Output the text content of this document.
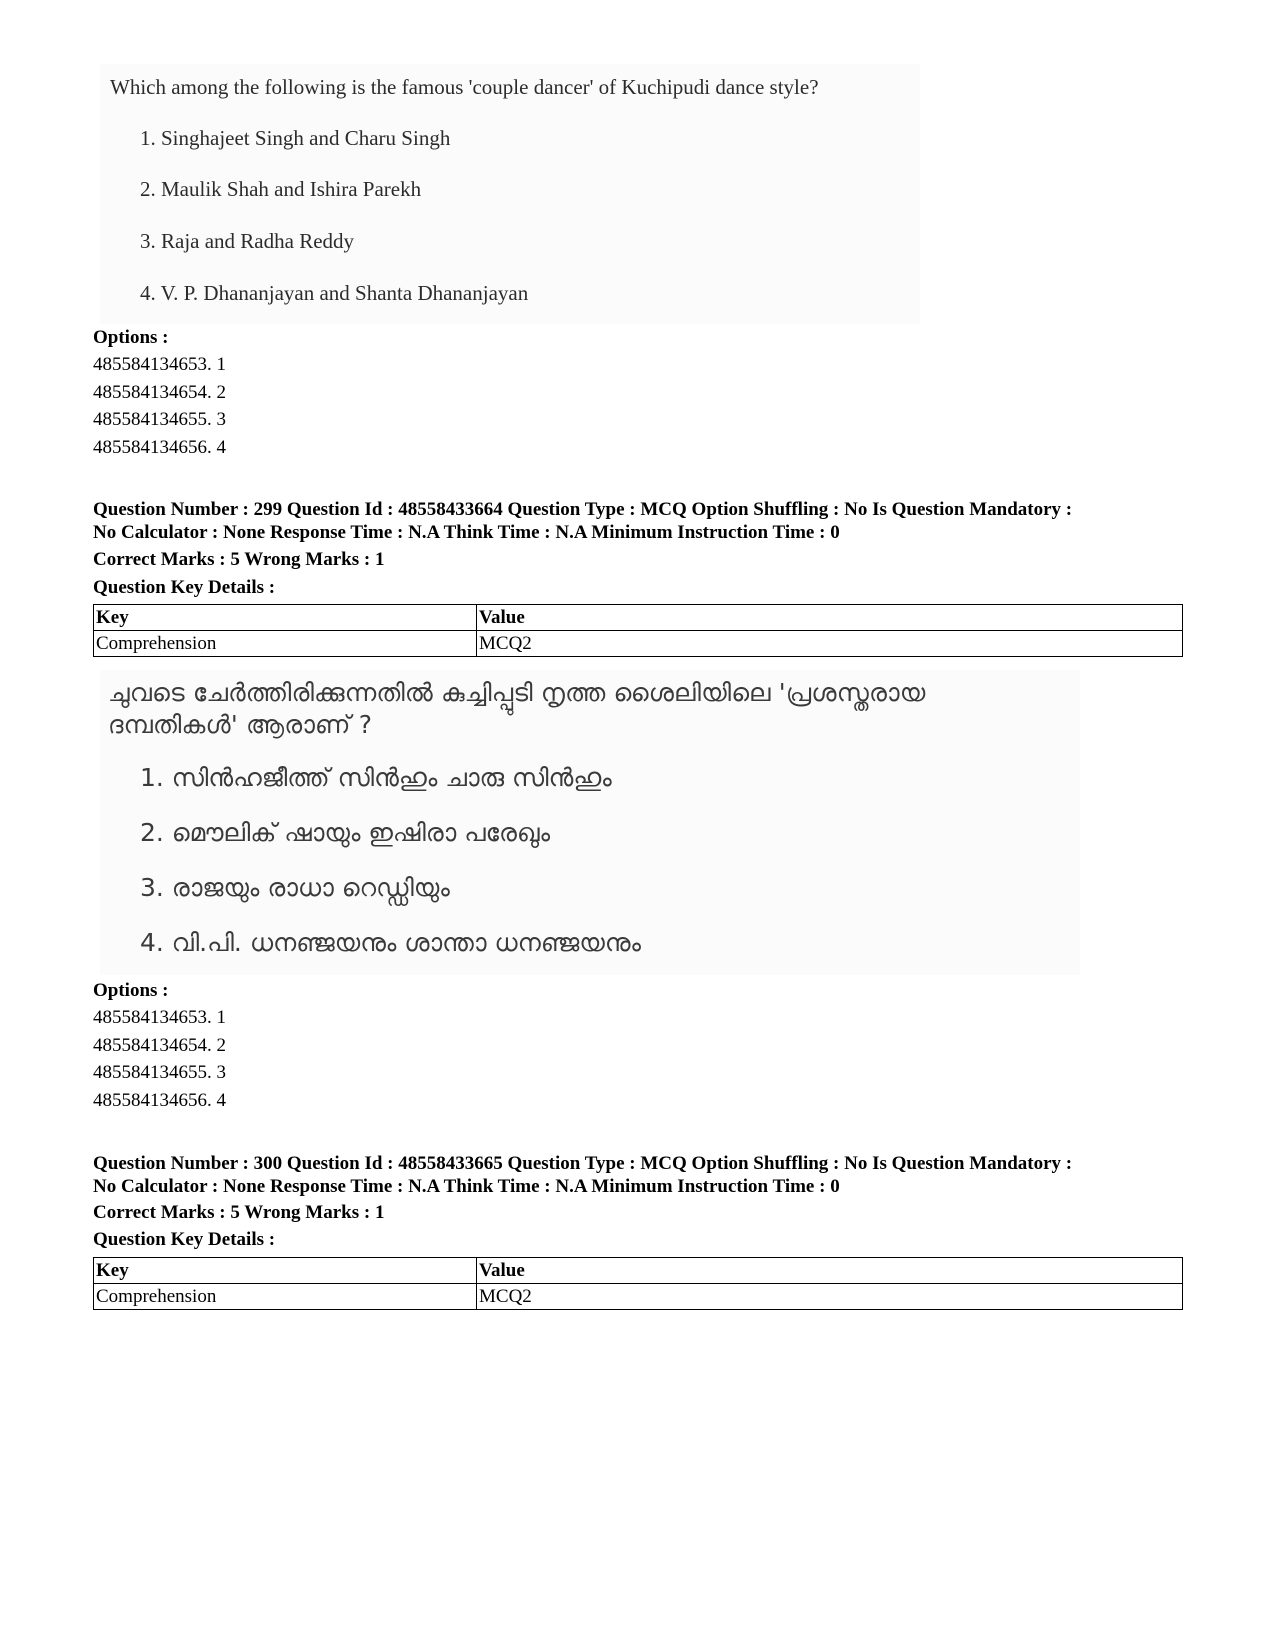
Which among the following is the famous 'couple dancer' of Kuchipudi dance style?
1. Singhajeet Singh and Charu Singh
2. Maulik Shah and Ishira Parekh
3. Raja and Radha Reddy
4. V. P. Dhananjayan and Shanta Dhananjayan
Options :
485584134653. 1
485584134654. 2
485584134655. 3
485584134656. 4
Question Number : 299 Question Id : 48558433664 Question Type : MCQ Option Shuffling : No Is Question Mandatory :
No Calculator : None Response Time : N.A Think Time : N.A Minimum Instruction Time : 0
Correct Marks : 5 Wrong Marks : 1
Question Key Details :
Key	Value
Comprehension	MCQ2
ചുവടെ ചേർത്തിരിക്കുന്നതിൽ കുച്ചിപ്പുടി നൃത്ത ശൈലിയിലെ 'പ്രശസ്തരായ
ദമ്പതികൾ' ആരാണ് ?
1. സിൻഹജീത്ത് സിൻഹും ചാരു സിൻഹും
2. മൌലിക് ഷായും ഇഷിരാ പരേഖും
3. രാജയും രാധാ റെഡ്ഡിയും
4. വി.പി. ധനഞ്ജയനും ശാന്താ ധനഞ്ജയനും
Options :
485584134653. 1
485584134654. 2
485584134655. 3
485584134656. 4
Question Number : 300 Question Id : 48558433665 Question Type : MCQ Option Shuffling : No Is Question Mandatory :
No Calculator : None Response Time : N.A Think Time : N.A Minimum Instruction Time : 0
Correct Marks : 5 Wrong Marks : 1
Question Key Details :
Key	Value
Comprehension	MCQ2
